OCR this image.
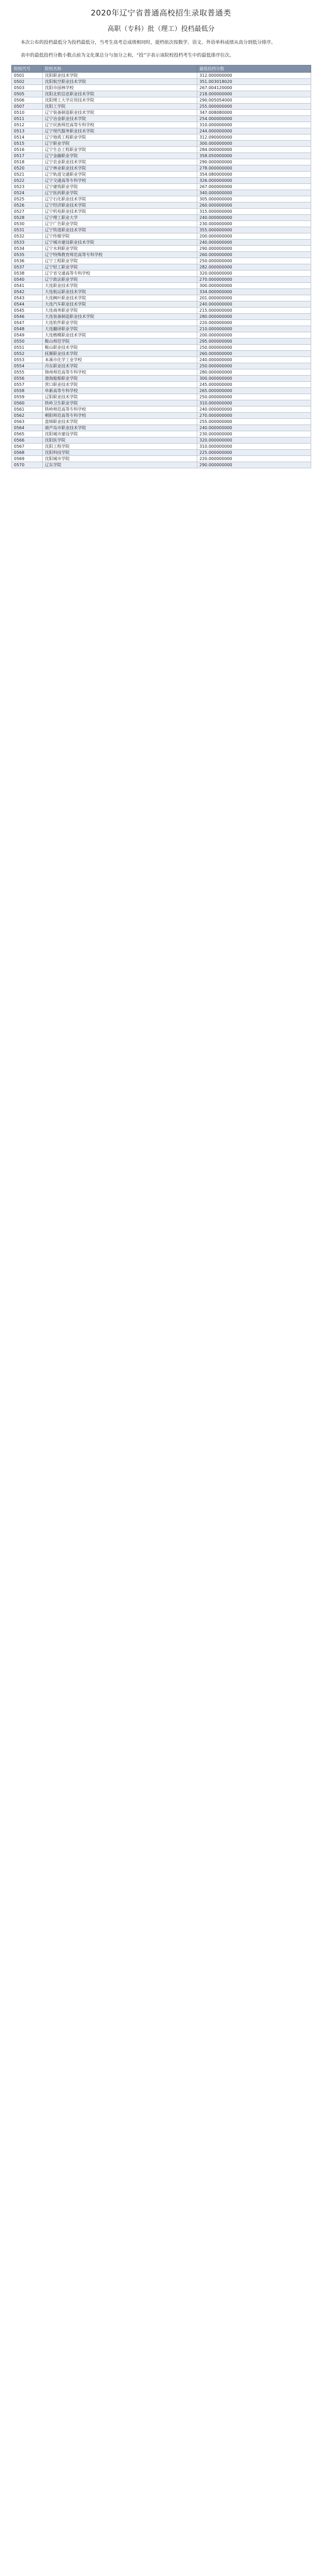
2020年辽宁省普通高校招生录取普通类
高职（专科）批（理工）投档最低分

本次公布的投档最低分为投档最低分，当考生高考总成绩相同时，提档依次按数学、语文、外语单科成绩从高分到低分排序。

表中的最低投档分数小数点前为文化课总分与加分之和，“投”字表示该院校投档考生中的最低排序位次。

院校代号	院校名称	最低投档分数
0501	沈阳职业技术学院	312.000000000
0502	沈阳航空职业技术学院	351.003018020
0503	沈阳市园林学校	267.004120000
0505	沈阳北软信息职业技术学院	218.000000000
0506	沈阳理工大学应用技术学院	290.005054000
0507	沈阳工学院	255.000000000
0510	辽宁装备制造职业技术学院	347.008080000
0511	辽宁冶金职业技术学院	254.000000000
0512	辽宁民族师范高等专科学校	310.000000000
0513	辽宁现代服务职业技术学院	244.000000000
0514	辽宁地质工程职业学院	312.090000000
0515	辽宁职业学院	300.000000000
0516	辽宁生态工程职业学院	284.000000000
0517	辽宁金融职业学院	358.050000000
0518	辽宁农业职业技术学院	290.000000000
0520	辽宁林业职业技术学院	278.000000000
0521	辽宁轨道交通职业学院	354.080000000
0522	辽宁交通高等专科学校	326.000000000
0523	辽宁建筑职业学院	267.000000000
0524	辽宁医药职业学院	340.000000000
0525	辽宁石化职业技术学院	305.000000000
0526	辽宁经济职业技术学院	260.000000000
0527	辽宁机电职业技术学院	315.000000000
0528	辽宁理工职业大学	240.000000000
0530	辽宁广告职业学院	230.000000000
0531	辽宁铁道职业技术学院	355.000000000
0532	辽宁传媒学院	200.000000000
0533	辽宁城市建设职业技术学院	240.000000000
0534	辽宁水利职业学院	290.000000000
0535	辽宁特殊教育师范高等专科学校	260.000000000
0536	辽宁工程职业学院	250.000000000
0537	辽宁轻工职业学院	282.000000000
0538	辽宁省交通高等专科学校	320.000000000
0540	辽宁政法职业学院	270.000000000
0541	大连职业技术学院	300.000000000
0542	大连航运职业技术学院	334.000000000
0543	大连枫叶职业技术学院	201.000000000
0544	大连汽车职业技术学院	240.000000000
0545	大连商务职业学院	215.000000000
0546	大连装备制造职业技术学院	280.000000000
0547	大连软件职业学院	220.000000000
0548	大连翻译职业学院	210.000000000
0549	大连楷模职业技术学院	200.000000000
0550	鞍山师范学院	295.000000000
0551	鞍山职业技术学院	250.000000000
0552	抚顺职业技术学院	260.000000000
0553	本溪市化学工业学校	240.000000000
0554	丹东职业技术学院	250.000000000
0555	锦州师范高等专科学校	280.000000000
0556	渤海船舶职业学院	300.000000000
0557	营口职业技术学院	245.000000000
0558	阜新高等专科学校	265.000000000
0559	辽阳职业技术学院	250.000000000
0560	铁岭卫生职业学院	310.000000000
0561	铁岭师范高等专科学校	240.000000000
0562	朝阳师范高等专科学校	270.000000000
0563	盘锦职业技术学院	255.000000000
0564	葫芦岛市职业技术学院	240.000000000
0565	沈阳城市建设学院	230.000000000
0566	沈阳医学院	320.000000000
0567	沈阳工程学院	310.000000000
0568	沈阳科技学院	225.000000000
0569	沈阳城市学院	220.000000000
0570	辽东学院	290.000000000
